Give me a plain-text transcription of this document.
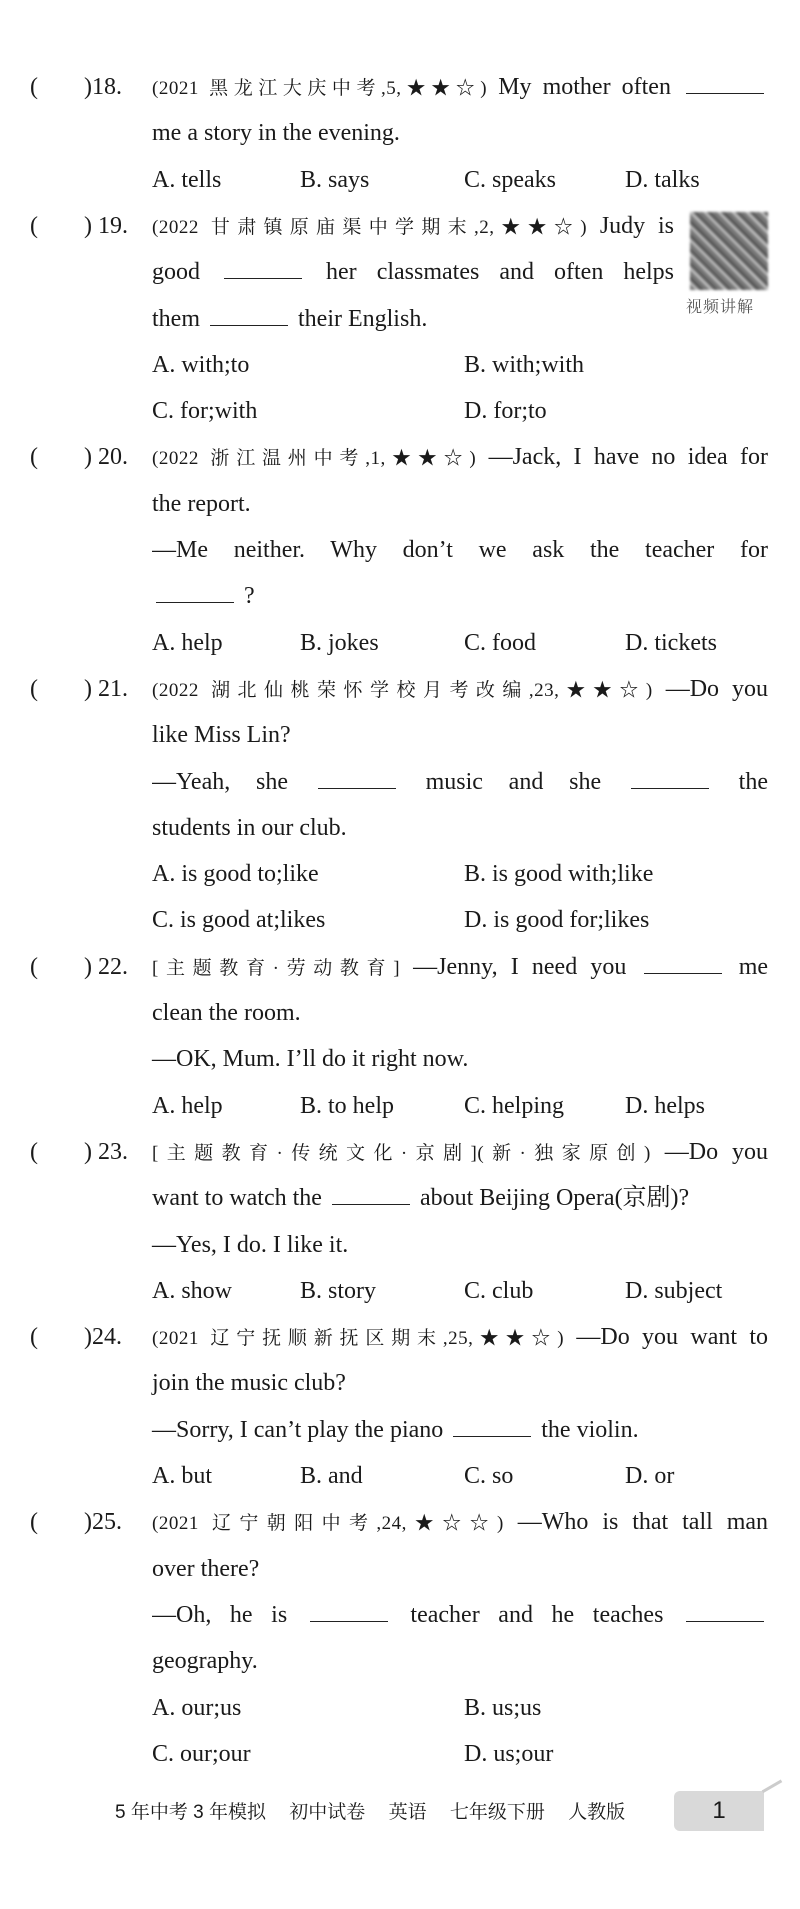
( )18. (2021 黑龙江大庆中考,5,★★☆) My mother often
me a story in the evening.
A. tells	B. says	C. speaks	D. talks
( ) 19. (2022 甘肃镇原庙渠中学期末,2,★★☆) Judy is
good	her classmates and often helps
them	their English.
A. with;to	B. with;with
C. for;with	D. for;to
( ) 20. (2022 浙江温州中考,1,★★☆) —Jack, I have no idea for
the report.
—Me neither. Why don’t we ask the teacher for
?
A. help	B. jokes	C. food	D. tickets
( ) 21. (2022 湖北仙桃荣怀学校月考改编,23,★★☆) —Do you
like Miss Lin?
—Yeah, she	music and she	the
students in our club.
A. is good to;like	B. is good with;like
C. is good at;likes	D. is good for;likes
( ) 22. [主题教育·劳动教育] —Jenny, I need you	me
clean the room.
—OK, Mum. I’ll do it right now.
A. help	B. to help	C. helping	D. helps
( ) 23. [主题教育·传统文化·京剧](新·独家原创) —Do you
want to watch the	about Beijing Opera(京剧)?
—Yes, I do. I like it.
A. show	B. story	C. club	D. subject
( )24. (2021 辽宁抚顺新抚区期末,25,★★☆) —Do you want to
join the music club?
—Sorry, I can’t play the piano	the violin.
A. but	B. and	C. so	D. or
( )25. (2021 辽宁朝阳中考,24,★☆☆) —Who is that tall man
over there?
—Oh, he is	teacher and he teaches
geography.
A. our;us	B. us;us
C. our;our	D. us;our
视频讲解
5 年中考 3 年模拟 初中试卷 英语 七年级下册 人教版	1
